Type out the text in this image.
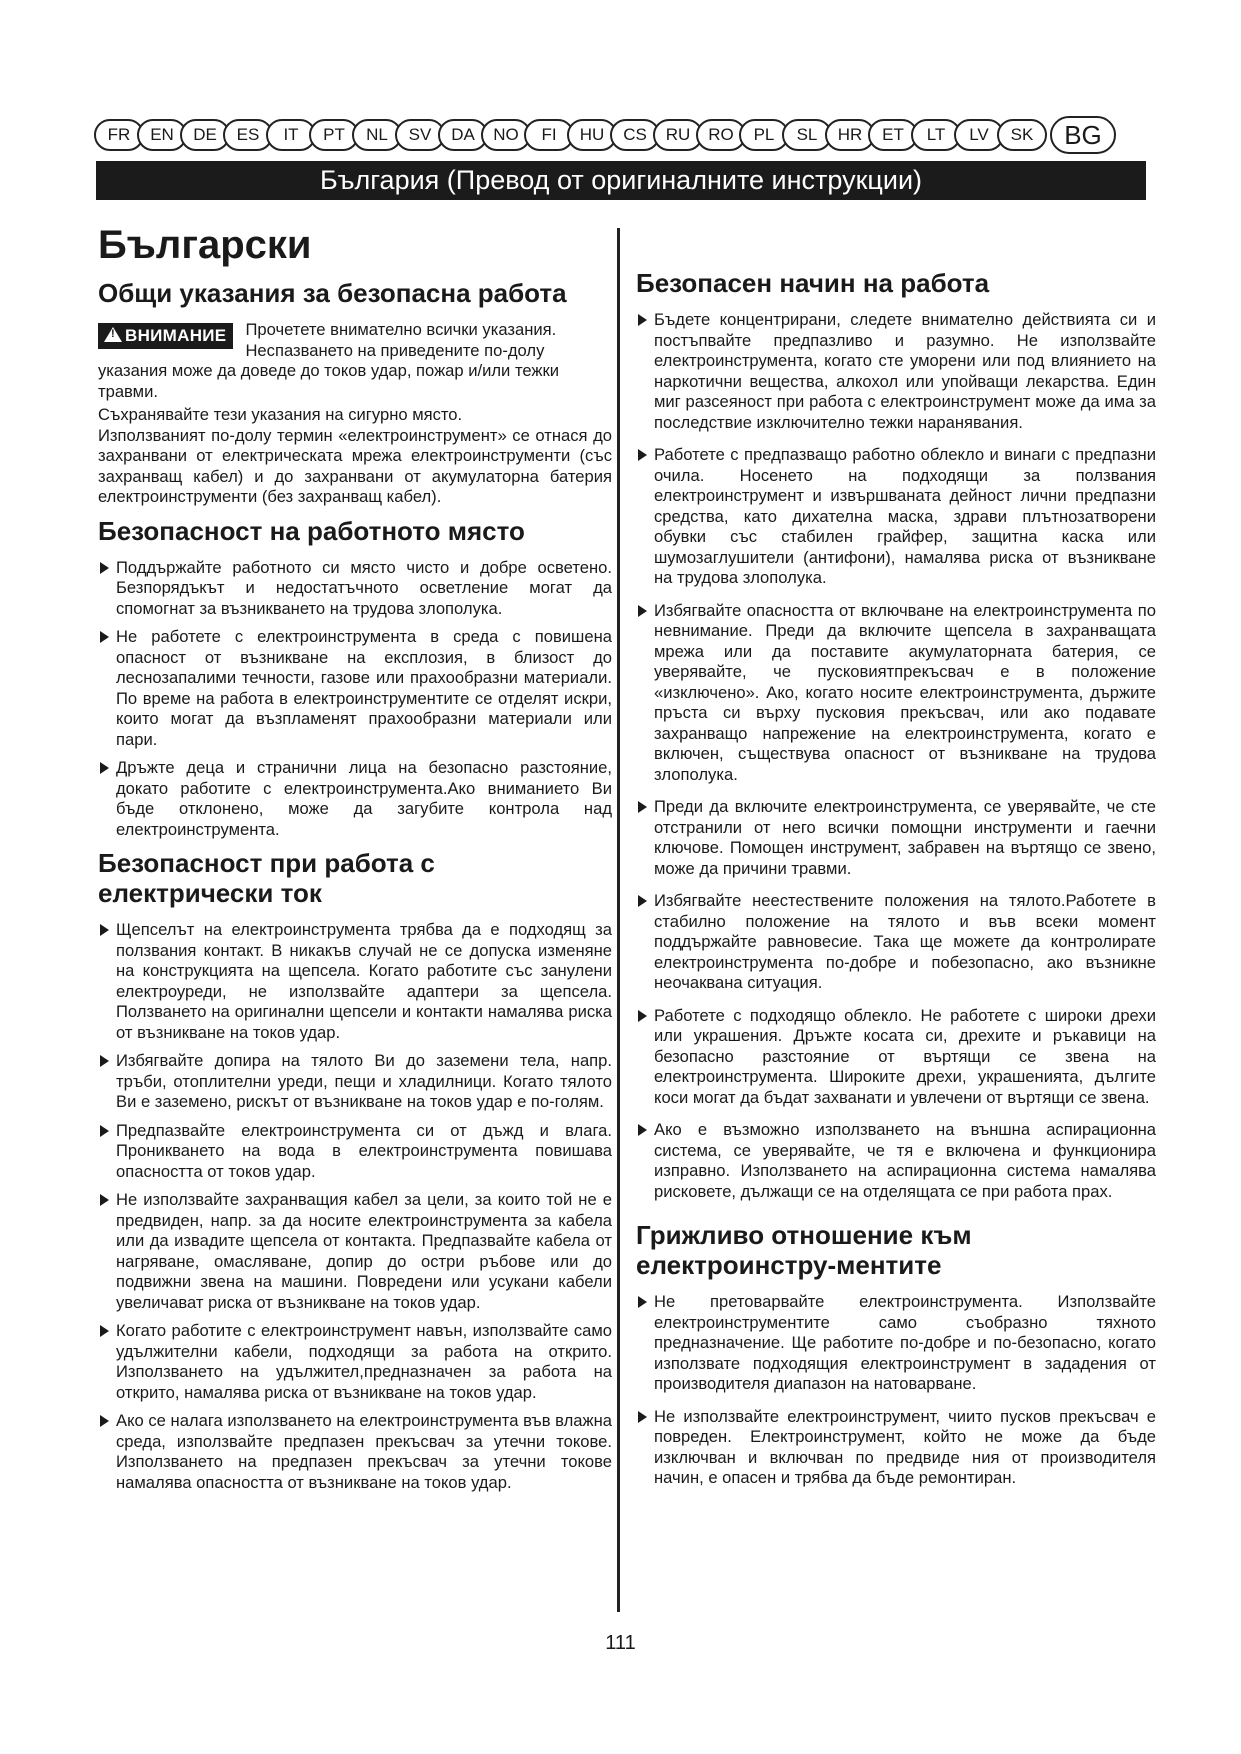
FR	EN	DE	ES	IT	PT	NL	SV	DA	NO	FI	HU	CS	RU	RO	PL	SL	HR	ET	LT	LV	SK	BG
България (Превод от оригиналните инструкции)
Български
Общи указания за безопасна работа
!ВНИМАНИЕ	Прочетете внимателно всички указания. Неспазването на приведените по-долу указания може да доведе до токов удар, пожар и/или тежки травми.

Съхранявайте тези указания на сигурно място.

Използваният по-долу термин «електроинструмент» се отнася до захранвани от електрическата мрежа електроинструменти (със захранващ кабел) и до захранвани от акумулаторна батерия електроинструменти (без захранващ кабел).

Безопасност на работното място
Поддържайте работното си място чисто и добре осветено. Безпорядъкът и недостатъчното осветление могат да спомогнат за възникването на трудова злополука.
Не работете с електроинструмента в среда с повишена опасност от възникване на експлозия, в близост до леснозапалими течности, газове или прахообразни материали. По време на работа в електроинструментите се отделят искри, които могат да възпламенят прахообразни материали или пари.
Дръжте деца и странични лица на безопасно разстояние, докато работите с електроинструмента.Ако вниманието Ви бъде отклонено, може да загубите контрола над електроинструмента.
Безопасност при работа с електрически ток
Щепселът на електроинструмента трябва да е подходящ за ползвания контакт. В никакъв случай не се допуска изменяне на конструкцията на щепсела. Когато работите със занулени електроуреди, не използвайте адаптери за щепсела. Ползването на оригинални щепсели и контакти намалява риска от възникване на токов удар.
Избягвайте допира на тялото Ви до заземени тела, напр. тръби, отоплителни уреди, пещи и хладилници. Когато тялото Ви е заземено, рискът от възникване на токов удар е по-голям.
Предпазвайте електроинструмента си от дъжд и влага. Проникването на вода в електроинструмента повишава опасността от токов удар.
Не използвайте захранващия кабел за цели, за които той не е предвиден, напр. за да носите електроинструмента за кабела или да извадите щепсела от контакта. Предпазвайте кабела от нагряване, омасляване, допир до остри ръбове или до подвижни звена на машини. Повредени или усукани кабели увеличават риска от възникване на токов удар.
Когато работите с електроинструмент навън, използвайте само удължителни кабели, подходящи за работа на открито. Използването на удължител,предназначен за работа на открито, намалява риска от възникване на токов удар.
Ако се налага използването на електроинструмента във влажна среда, използвайте предпазен прекъсвач за утечни токове. Използването на предпазен прекъсвач за утечни токове намалява опасността от възникване на токов удар.
Безопасен начин на работа
Бъдете концентрирани, следете внимателно действията си и постъпвайте предпазливо и разумно. Не използвайте електроинструмента, когато сте уморени или под влиянието на наркотични вещества, алкохол или упойващи лекарства. Един миг разсеяност при работа с електроинструмент може да има за последствие изключително тежки наранявания.
Работете с предпазващо работно облекло и винаги с предпазни очила. Носенето на подходящи за ползвания електроинструмент и извършваната дейност лични предпазни средства, като дихателна маска, здрави плътнозатворени обувки със стабилен грайфер, защитна каска или шумозаглушители (антифони), намалява риска от възникване на трудова злополука.
Избягвайте опасността от включване на електроинструмента по невнимание. Преди да включите щепсела в захранващата мрежа или да поставите акумулаторната батерия, се уверявайте, че пусковиятпрекъсвач е в положение «изключено». Ако, когато носите електроинструмента, държите пръста си върху пусковия прекъсвач, или ако подавате захранващо напрежение на електроинструмента, когато е включен, съществува опасност от възникване на трудова злополука.
Преди да включите електроинструмента, се уверявайте, че сте отстранили от него всички помощни инструменти и гаечни ключове. Помощен инструмент, забравен на въртящо се звено, може да причини травми.
Избягвайте неестествените положения на тялото.Работете в стабилно положение на тялото и във всеки момент поддържайте равновесие. Така ще можете да контролирате електроинструмента по-добре и побезопасно, ако възникне неочаквана ситуация.
Работете с подходящо облекло. Не работете с широки дрехи или украшения. Дръжте косата си, дрехите и ръкавици на безопасно разстояние от въртящи се звена на електроинструмента. Широките дрехи, украшенията, дългите коси могат да бъдат захванати и увлечени от въртящи се звена.
Ако е възможно използването на външна аспирационна система, се уверявайте, че тя е включена и функционира изправно. Използването на аспирационна система намалява рисковете, дължащи се на отделящата се при работа прах.
Грижливо отношение към електроинстру-ментите
Не претоварвайте електроинструмента. Използвайте електроинструментите само съобразно тяхното предназначение. Ще работите по-добре и по-безопасно, когато използвате подходящия електроинструмент в зададения от производителя диапазон на натоварване.
Не използвайте електроинструмент, чиито пусков прекъсвач е повреден. Електроинструмент, който не може да бъде изключван и включван по предвиде ния от производителя начин, е опасен и трябва да бъде ремонтиран.
111
